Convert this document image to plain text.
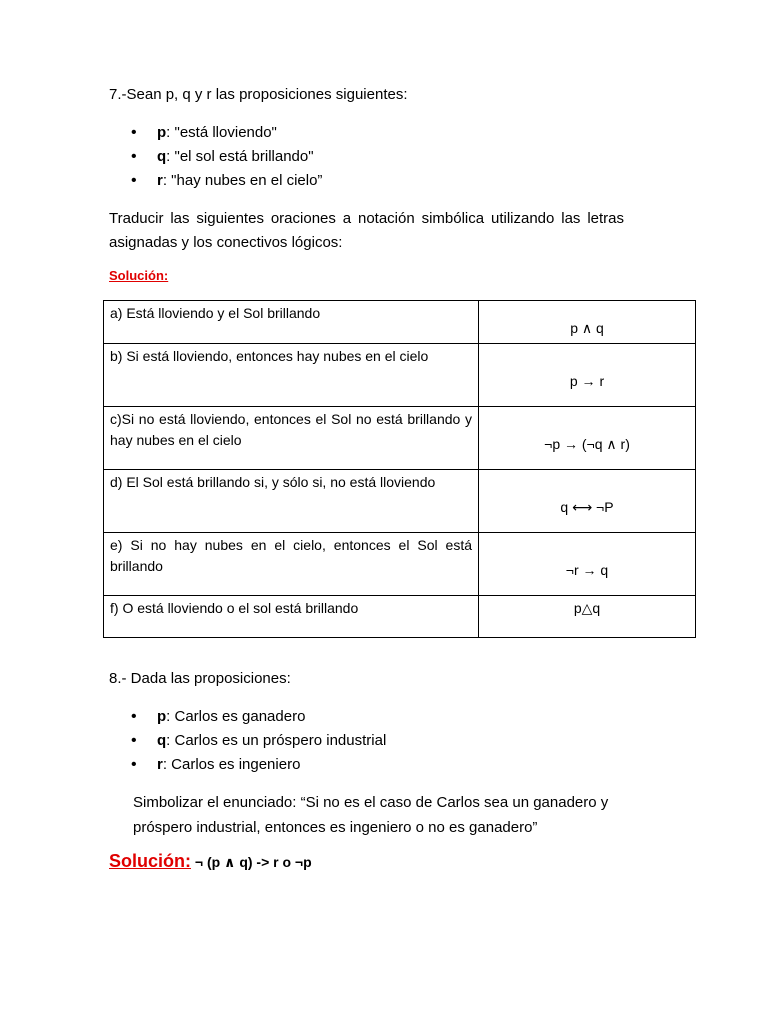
7.-Sean p, q y r las proposiciones siguientes:

• p: "está lloviendo"
• q: "el sol está brillando"
• r: "hay nubes en el cielo”

Traducir las siguientes oraciones a notación simbólica utilizando las letras asignadas y los conectivos lógicos:

Solución:

a) Está lloviendo y el Sol brillando	p ∧ q
b) Si está lloviendo, entonces hay nubes en el cielo	p → r
c)Si no está lloviendo, entonces el Sol no está brillando y hay nubes en el cielo	¬p → (¬q ∧ r)
d) El Sol está brillando si, y sólo si, no está lloviendo	q ⟷ ¬P
e) Si no hay nubes en el cielo, entonces el Sol está brillando	¬r → q
f) O está lloviendo o el sol está brillando	p△q

8.- Dada las proposiciones:

• p: Carlos es ganadero
• q: Carlos es un próspero industrial
• r: Carlos es ingeniero

Simbolizar el enunciado: “Si no es el caso de Carlos sea un ganadero y próspero industrial, entonces es ingeniero o no es ganadero”

Solución: ¬ (p ∧ q) -> r o ¬p
